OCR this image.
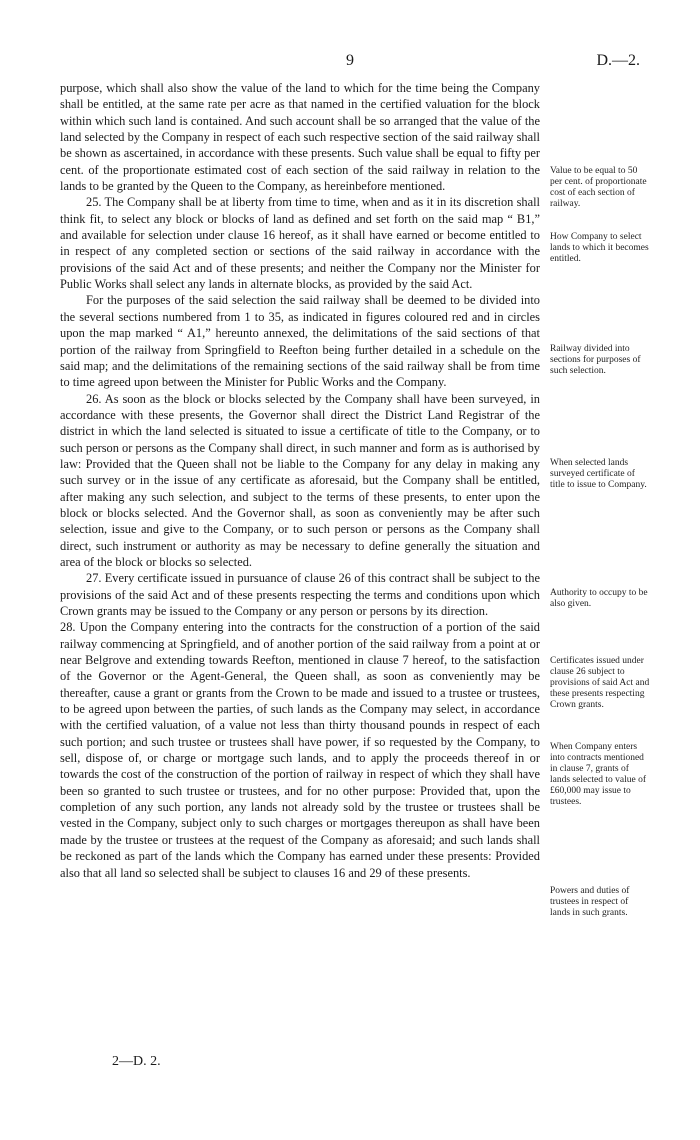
9	D.—2.

purpose, which shall also show the value of the land to which for the time being the Company shall be entitled, at the same rate per acre as that named in the certified valuation for the block within which such land is contained. And such account shall be so arranged that the value of the land selected by the Company in respect of each such respective section of the said railway shall be shown as ascertained, in accordance with these presents. Such value shall be equal to fifty per cent. of the proportionate estimated cost of each section of the said railway in relation to the lands to be granted by the Queen to the Company, as hereinbefore mentioned.

25. The Company shall be at liberty from time to time, when and as it in its discretion shall think fit, to select any block or blocks of land as defined and set forth on the said map “ B1,” and available for selection under clause 16 hereof, as it shall have earned or become entitled to in respect of any completed section or sections of the said railway in accordance with the provisions of the said Act and of these presents; and neither the Company nor the Minister for Public Works shall select any lands in alternate blocks, as provided by the said Act.

For the purposes of the said selection the said railway shall be deemed to be divided into the several sections numbered from 1 to 35, as indicated in figures coloured red and in circles upon the map marked “ A1,” hereunto annexed, the delimitations of the said sections of that portion of the railway from Springfield to Reefton being further detailed in a schedule on the said map; and the delimitations of the remaining sections of the said railway shall be from time to time agreed upon between the Minister for Public Works and the Company.

26. As soon as the block or blocks selected by the Company shall have been surveyed, in accordance with these presents, the Governor shall direct the District Land Registrar of the district in which the land selected is situated to issue a certificate of title to the Company, or to such person or persons as the Company shall direct, in such manner and form as is authorised by law: Provided that the Queen shall not be liable to the Company for any delay in making any such survey or in the issue of any certificate as aforesaid, but the Company shall be entitled, after making any such selection, and subject to the terms of these presents, to enter upon the block or blocks selected. And the Governor shall, as soon as conveniently may be after such selection, issue and give to the Company, or to such person or persons as the Company shall direct, such instrument or authority as may be necessary to define generally the situation and area of the block or blocks so selected.

27. Every certificate issued in pursuance of clause 26 of this contract shall be subject to the provisions of the said Act and of these presents respecting the terms and conditions upon which Crown grants may be issued to the Company or any person or persons by its direction.

28. Upon the Company entering into the contracts for the construction of a portion of the said railway commencing at Springfield, and of another portion of the said railway from a point at or near Belgrove and extending towards Reefton, mentioned in clause 7 hereof, to the satisfaction of the Governor or the Agent-General, the Queen shall, as soon as conveniently may be thereafter, cause a grant or grants from the Crown to be made and issued to a trustee or trustees, to be agreed upon between the parties, of such lands as the Company may select, in accordance with the certified valuation, of a value not less than thirty thousand pounds in respect of each such portion; and such trustee or trustees shall have power, if so requested by the Company, to sell, dispose of, or charge or mortgage such lands, and to apply the proceeds thereof in or towards the cost of the construction of the portion of railway in respect of which they shall have been so granted to such trustee or trustees, and for no other purpose: Provided that, upon the completion of any such portion, any lands not already sold by the trustee or trustees shall be vested in the Company, subject only to such charges or mortgages thereupon as shall have been made by the trustee or trustees at the request of the Company as aforesaid; and such lands shall be reckoned as part of the lands which the Company has earned under these presents: Provided also that all land so selected shall be subject to clauses 16 and 29 of these presents.

Value to be equal to 50 per cent. of proportionate cost of each section of railway.
How Company to select lands to which it becomes entitled.
Railway divided into sections for purposes of such selection.
When selected lands surveyed certificate of title to issue to Company.
Authority to occupy to be also given.
Certificates issued under clause 26 subject to provisions of said Act and these presents respecting Crown grants.
When Company enters into contracts mentioned in clause 7, grants of lands selected to value of £60,000 may issue to trustees.
Powers and duties of trustees in respect of lands in such grants.
2—D. 2.
